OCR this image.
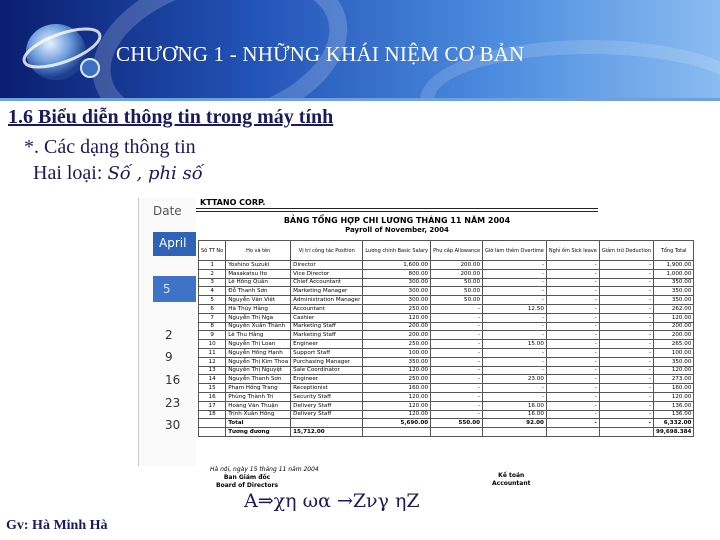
CHƯƠNG 1 - NHỮNG KHÁI NIỆM CƠ BẢN
1.6 Biểu diễn thông tin trong máy tính
*. Các dạng thông tin
Hai loại: Số , phi số
Date
April
5
2
9
16
23
30
KTTANO CORP.
BẢNG TỔNG HỢP CHI LƯƠNG THÁNG 11 NĂM 2004
Payroll of November, 2004
Số TT No	Họ và tên	Vị trí công tác Position	Lương chính Basic Salary	Phụ cấp Allowance	Giờ làm thêm Overtime	Nghỉ ốm Sick leave	Giảm trừ Deduction	Tổng Total
1	Yoshino Suzuki	Director	1,600.00	200.00	-	-	-	1,900.00
2	Masakatsu Ito	Vice Director	800.00	200.00	-	-	-	1,000.00
3	Lê Hồng Quân	Chief Accountant	300.00	50.00	-	-	-	350.00
4	Đỗ Thanh Sơn	Marketing Manager	300.00	50.00	-	-	-	350.00
5	Nguyễn Văn Việt	Administration Manager	300.00	50.00	-	-	-	350.00
6	Hà Thúy Hằng	Accountant	250.00	-	12.50	-	-	262.00
7	Nguyễn Thị Nga	Cashier	120.00	-	-	-	-	120.00
8	Nguyễn Xuân Thành	Marketing Staff	200.00	-	-	-	-	200.00
9	Lê Thu Hằng	Marketing Staff	200.00	-	-	-	-	200.00
10	Nguyễn Thị Loan	Engineer	250.00	-	15.00	-	-	265.00
11	Nguyễn Hồng Hạnh	Support Staff	100.00	-	-	-	-	100.00
12	Nguyễn Thị Kim Thoa	Purchasing Manager	350.00	-	-	-	-	350.00
13	Nguyễn Thị Nguyệt	Sale Coordinator	120.00	-	-	-	-	120.00
14	Nguyễn Thanh Sơn	Engineer	250.00	-	23.00	-	-	273.00
15	Phạm Hồng Trang	Receptionist	160.00	-	-	-	-	160.00
16	Phùng Thành Tri	Security Staff	120.00	-	-	-	-	120.00
17	Hoàng Văn Thuận	Delivery Staff	120.00	-	16.00	-	-	136.00
18	Trịnh Xuân Hồng	Delivery Staff	120.00	-	16.00	-	-	136.00
	Total		5,690.00	550.00	92.00	-	-	6,332.00
	Tương đương	15,712.00						99,698.384
Hà nội, ngày 15 tháng 11 năm 2004
Ban Giám đốc
Board of Directors
Kế toán
Accountant
Α⇒χη ωα →Ζνγ ηΖ
Gv: Hà Minh Hà
